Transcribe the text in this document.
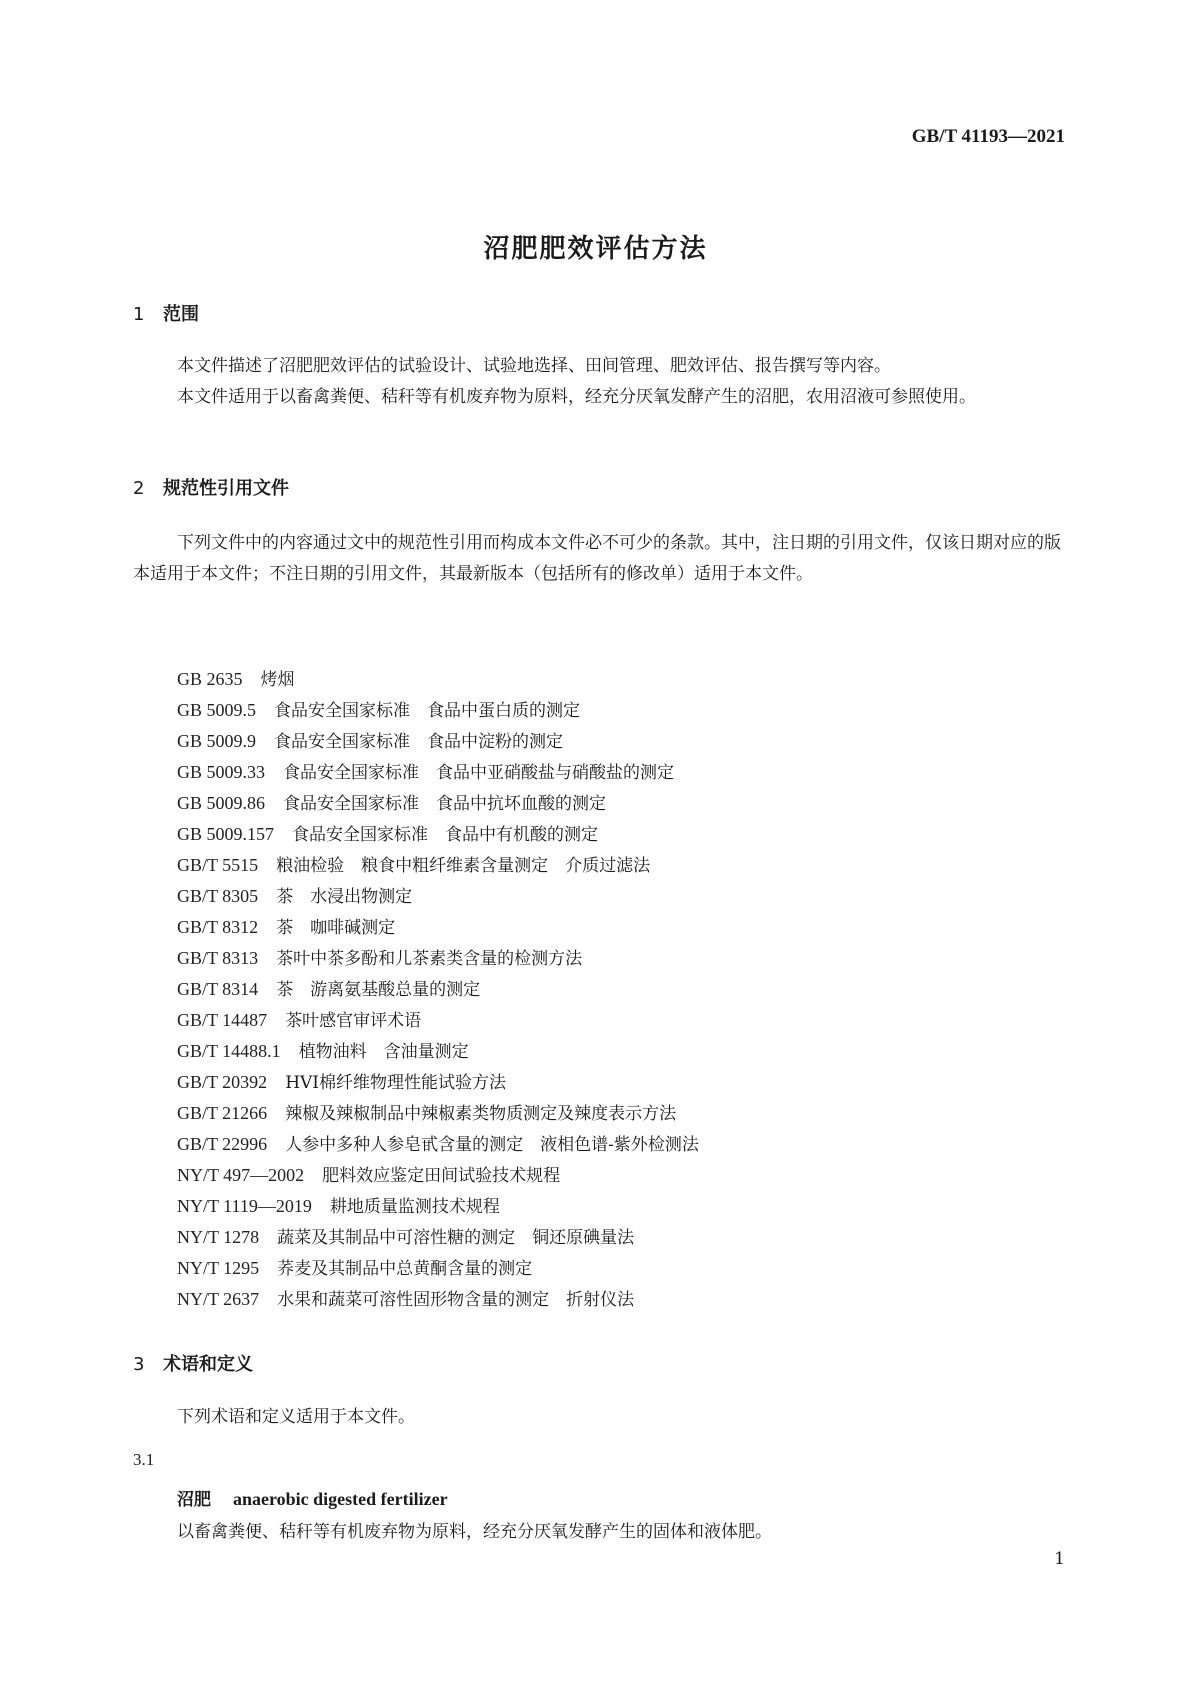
GB/T 41193—2021
沼肥肥效评估方法
1 范围
本文件描述了沼肥肥效评估的试验设计、试验地选择、田间管理、肥效评估、报告撰写等内容。
本文件适用于以畜禽粪便、秸秆等有机废弃物为原料，经充分厌氧发酵产生的沼肥，农用沼液可参照使用。
2 规范性引用文件
下列文件中的内容通过文中的规范性引用而构成本文件必不可少的条款。其中，注日期的引用文件，仅该日期对应的版本适用于本文件；不注日期的引用文件，其最新版本（包括所有的修改单）适用于本文件。
GB 2635 烤烟
GB 5009.5 食品安全国家标准　食品中蛋白质的测定
GB 5009.9 食品安全国家标准　食品中淀粉的测定
GB 5009.33 食品安全国家标准　食品中亚硝酸盐与硝酸盐的测定
GB 5009.86 食品安全国家标准　食品中抗坏血酸的测定
GB 5009.157 食品安全国家标准　食品中有机酸的测定
GB/T 5515 粮油检验　粮食中粗纤维素含量测定　介质过滤法
GB/T 8305 茶　水浸出物测定
GB/T 8312 茶　咖啡碱测定
GB/T 8313 茶叶中茶多酚和儿茶素类含量的检测方法
GB/T 8314 茶　游离氨基酸总量的测定
GB/T 14487 茶叶感官审评术语
GB/T 14488.1 植物油料　含油量测定
GB/T 20392 HVI棉纤维物理性能试验方法
GB/T 21266 辣椒及辣椒制品中辣椒素类物质测定及辣度表示方法
GB/T 22996 人参中多种人参皂甙含量的测定　液相色谱-紫外检测法
NY/T 497—2002 肥料效应鉴定田间试验技术规程
NY/T 1119—2019 耕地质量监测技术规程
NY/T 1278 蔬菜及其制品中可溶性糖的测定　铜还原碘量法
NY/T 1295 荞麦及其制品中总黄酮含量的测定
NY/T 2637 水果和蔬菜可溶性固形物含量的测定　折射仪法
3 术语和定义
下列术语和定义适用于本文件。
3.1
沼肥 anaerobic digested fertilizer
以畜禽粪便、秸秆等有机废弃物为原料，经充分厌氧发酵产生的固体和液体肥。
1
